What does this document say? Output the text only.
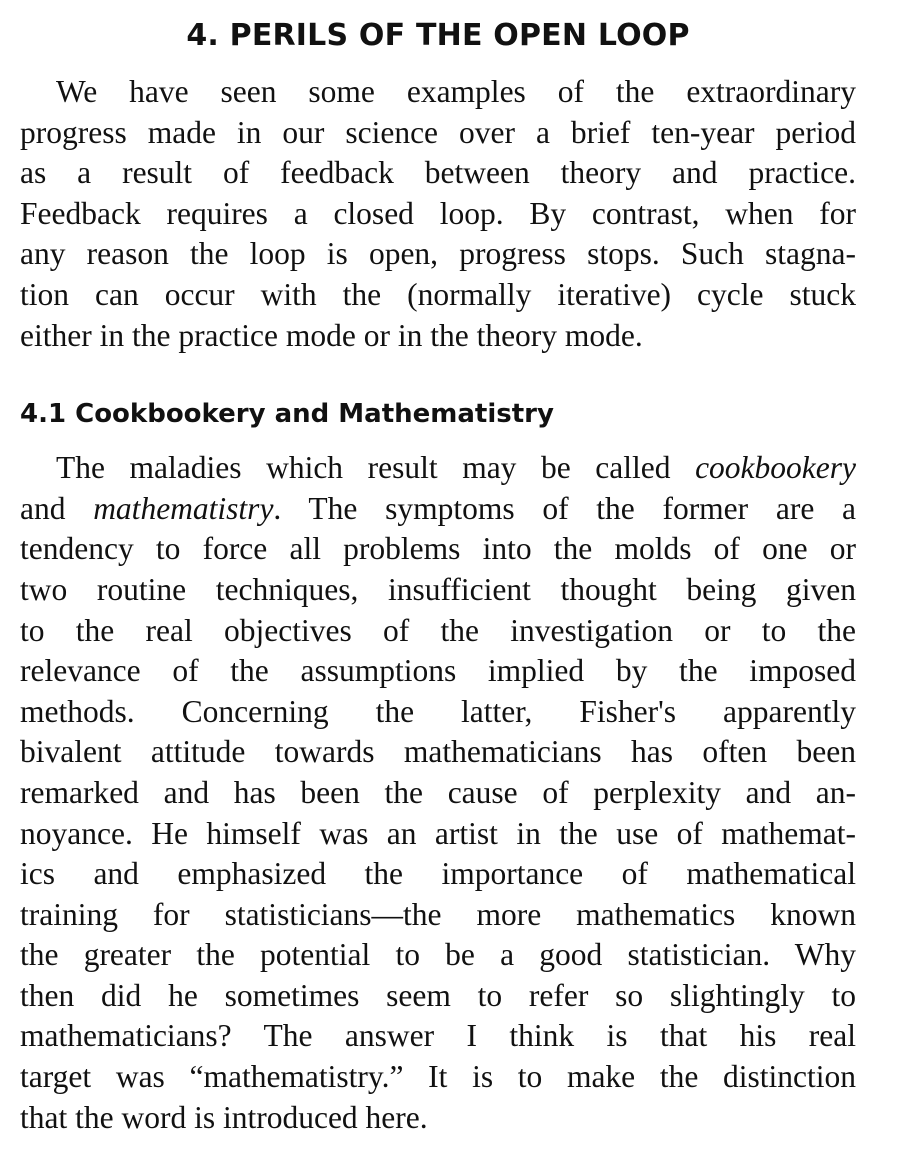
4. PERILS OF THE OPEN LOOP
We have seen some examples of the extraordinary
progress made in our science over a brief ten-year period
as a result of feedback between theory and practice.
Feedback requires a closed loop. By contrast, when for
any reason the loop is open, progress stops. Such stagna-
tion can occur with the (normally iterative) cycle stuck
either in the practice mode or in the theory mode.
4.1 Cookbookery and Mathematistry
The maladies which result may be called cookbookery
and mathematistry. The symptoms of the former are a
tendency to force all problems into the molds of one or
two routine techniques, insufficient thought being given
to the real objectives of the investigation or to the
relevance of the assumptions implied by the imposed
methods. Concerning the latter, Fisher's apparently
bivalent attitude towards mathematicians has often been
remarked and has been the cause of perplexity and an-
noyance. He himself was an artist in the use of mathemat-
ics and emphasized the importance of mathematical
training for statisticians—the more mathematics known
the greater the potential to be a good statistician. Why
then did he sometimes seem to refer so slightingly to
mathematicians? The answer I think is that his real
target was “mathematistry.” It is to make the distinction
that the word is introduced here.
